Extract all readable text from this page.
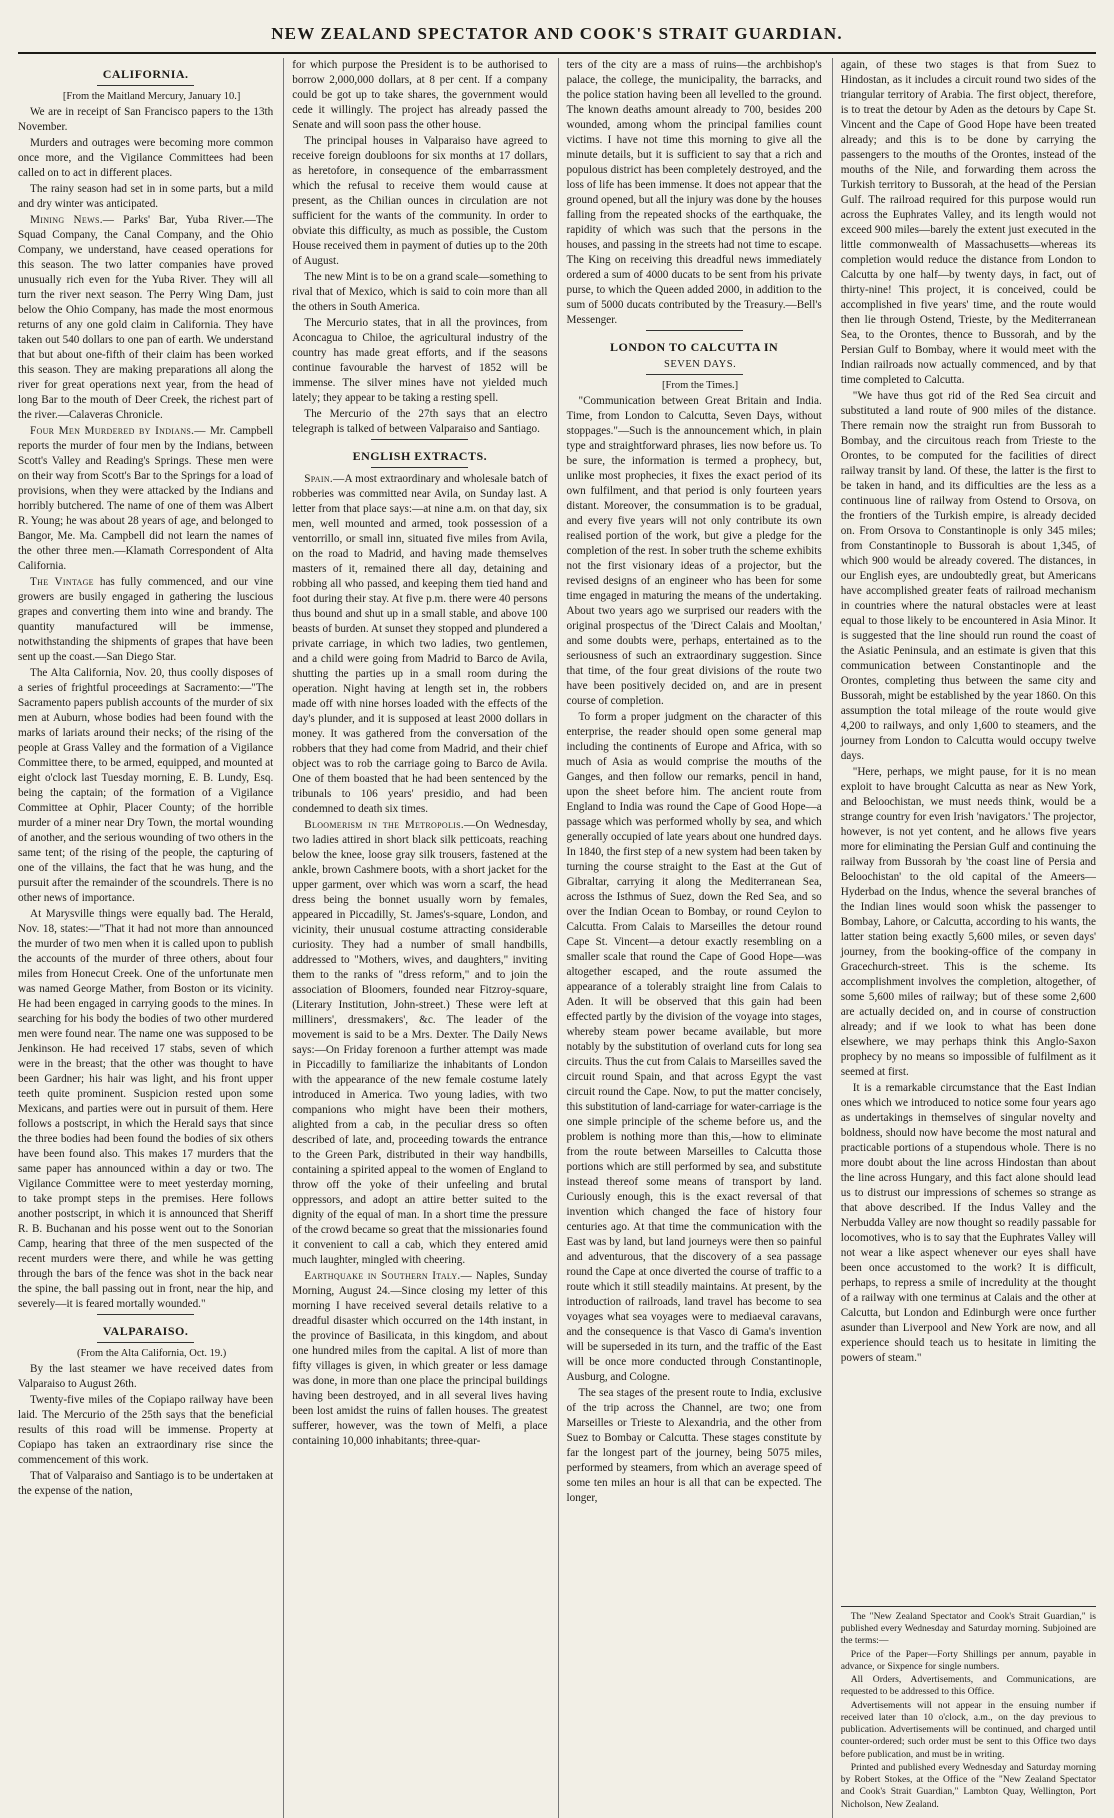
NEW ZEALAND SPECTATOR AND COOK'S STRAIT GUARDIAN.
CALIFORNIA.

[From the Maitland Mercury, January 10.]

We are in receipt of San Francisco papers to the 13th November.

Murders and outrages were becoming more common once more, and the Vigilance Committees had been called on to act in different places.

The rainy season had set in in some parts, but a mild and dry winter was anticipated.

Mining News.— Parks' Bar, Yuba River.—The Squad Company, the Canal Company, and the Ohio Company, we understand, have ceased operations for this season. The two latter companies have proved unusually rich even for the Yuba River. They will all turn the river next season. The Perry Wing Dam, just below the Ohio Company, has made the most enormous returns of any one gold claim in California. They have taken out 540 dollars to one pan of earth. We understand that but about one-fifth of their claim has been worked this season. They are making preparations all along the river for great operations next year, from the head of long Bar to the mouth of Deer Creek, the richest part of the river.—Calaveras Chronicle.

Four Men Murdered by Indians.— Mr. Campbell reports the murder of four men by the Indians, between Scott's Valley and Reading's Springs. These men were on their way from Scott's Bar to the Springs for a load of provisions, when they were attacked by the Indians and horribly butchered. The name of one of them was Albert R. Young; he was about 28 years of age, and belonged to Bangor, Me. Ma. Campbell did not learn the names of the other three men.—Klamath Correspondent of Alta California.

The Vintage has fully commenced, and our vine growers are busily engaged in gathering the luscious grapes and converting them into wine and brandy. The quantity manufactured will be immense, notwithstanding the shipments of grapes that have been sent up the coast.—San Diego Star.

The Alta California, Nov. 20, thus coolly disposes of a series of frightful proceedings at Sacramento:—"The Sacramento papers publish accounts of the murder of six men at Auburn, whose bodies had been found with the marks of lariats around their necks; of the rising of the people at Grass Valley and the formation of a Vigilance Committee there, to be armed, equipped, and mounted at eight o'clock last Tuesday morning, E. B. Lundy, Esq. being the captain; of the formation of a Vigilance Committee at Ophir, Placer County; of the horrible murder of a miner near Dry Town, the mortal wounding of another, and the serious wounding of two others in the same tent; of the rising of the people, the capturing of one of the villains, the fact that he was hung, and the pursuit after the remainder of the scoundrels. There is no other news of importance.

At Marysville things were equally bad. The Herald, Nov. 18, states:—"That it had not more than announced the murder of two men when it is called upon to publish the accounts of the murder of three others, about four miles from Honecut Creek. One of the unfortunate men was named George Mather, from Boston or its vicinity. He had been engaged in carrying goods to the mines. In searching for his body the bodies of two other murdered men were found near. The name one was supposed to be Jenkinson. He had received 17 stabs, seven of which were in the breast; that the other was thought to have been Gardner; his hair was light, and his front upper teeth quite prominent. Suspicion rested upon some Mexicans, and parties were out in pursuit of them. Here follows a postscript, in which the Herald says that since the three bodies had been found the bodies of six others have been found also. This makes 17 murders that the same paper has announced within a day or two. The Vigilance Committee were to meet yesterday morning, to take prompt steps in the premises. Here follows another postscript, in which it is announced that Sheriff R. B. Buchanan and his posse went out to the Sonorian Camp, hearing that three of the men suspected of the recent murders were there, and while he was getting through the bars of the fence was shot in the back near the spine, the ball passing out in front, near the hip, and severely—it is feared mortally wounded."

VALPARAISO.

(From the Alta California, Oct. 19.)

By the last steamer we have received dates from Valparaiso to August 26th.

Twenty-five miles of the Copiapo railway have been laid. The Mercurio of the 25th says that the beneficial results of this road will be immense. Property at Copiapo has taken an extraordinary rise since the commencement of this work.

That of Valparaiso and Santiago is to be undertaken at the expense of the nation,

for which purpose the President is to be authorised to borrow 2,000,000 dollars, at 8 per cent. If a company could be got up to take shares, the government would cede it willingly. The project has already passed the Senate and will soon pass the other house.

The principal houses in Valparaiso have agreed to receive foreign doubloons for six months at 17 dollars, as heretofore, in consequence of the embarrassment which the refusal to receive them would cause at present, as the Chilian ounces in circulation are not sufficient for the wants of the community. In order to obviate this difficulty, as much as possible, the Custom House received them in payment of duties up to the 20th of August.

The new Mint is to be on a grand scale—something to rival that of Mexico, which is said to coin more than all the others in South America.

The Mercurio states, that in all the provinces, from Aconcagua to Chiloe, the agricultural industry of the country has made great efforts, and if the seasons continue favourable the harvest of 1852 will be immense. The silver mines have not yielded much lately; they appear to be taking a resting spell.

The Mercurio of the 27th says that an electro telegraph is talked of between Valparaiso and Santiago.

ENGLISH EXTRACTS.

Spain.—A most extraordinary and wholesale batch of robberies was committed near Avila, on Sunday last. A letter from that place says:—at nine a.m. on that day, six men, well mounted and armed, took possession of a ventorrillo, or small inn, situated five miles from Avila, on the road to Madrid, and having made themselves masters of it, remained there all day, detaining and robbing all who passed, and keeping them tied hand and foot during their stay. At five p.m. there were 40 persons thus bound and shut up in a small stable, and above 100 beasts of burden. At sunset they stopped and plundered a private carriage, in which two ladies, two gentlemen, and a child were going from Madrid to Barco de Avila, shutting the parties up in a small room during the operation. Night having at length set in, the robbers made off with nine horses loaded with the effects of the day's plunder, and it is supposed at least 2000 dollars in money. It was gathered from the conversation of the robbers that they had come from Madrid, and their chief object was to rob the carriage going to Barco de Avila. One of them boasted that he had been sentenced by the tribunals to 106 years' presidio, and had been condemned to death six times.

Bloomerism in the Metropolis.—On Wednesday, two ladies attired in short black silk petticoats, reaching below the knee, loose gray silk trousers, fastened at the ankle, brown Cashmere boots, with a short jacket for the upper garment, over which was worn a scarf, the head dress being the bonnet usually worn by females, appeared in Piccadilly, St. James's-square, London, and vicinity, their unusual costume attracting considerable curiosity. They had a number of small handbills, addressed to "Mothers, wives, and daughters," inviting them to the ranks of "dress reform," and to join the association of Bloomers, founded near Fitzroy-square, (Literary Institution, John-street.) These were left at milliners', dressmakers', &c. The leader of the movement is said to be a Mrs. Dexter. The Daily News says:—On Friday forenoon a further attempt was made in Piccadilly to familiarize the inhabitants of London with the appearance of the new female costume lately introduced in America. Two young ladies, with two companions who might have been their mothers, alighted from a cab, in the peculiar dress so often described of late, and, proceeding towards the entrance to the Green Park, distributed in their way handbills, containing a spirited appeal to the women of England to throw off the yoke of their unfeeling and brutal oppressors, and adopt an attire better suited to the dignity of the equal of man. In a short time the pressure of the crowd became so great that the missionaries found it convenient to call a cab, which they entered amid much laughter, mingled with cheering.

Earthquake in Southern Italy.— Naples, Sunday Morning, August 24.—Since closing my letter of this morning I have received several details relative to a dreadful disaster which occurred on the 14th instant, in the province of Basilicata, in this kingdom, and about one hundred miles from the capital. A list of more than fifty villages is given, in which greater or less damage was done, in more than one place the principal buildings having been destroyed, and in all several lives having been lost amidst the ruins of fallen houses. The greatest sufferer, however, was the town of Melfi, a place containing 10,000 inhabitants; three-quar-

ters of the city are a mass of ruins—the archbishop's palace, the college, the municipality, the barracks, and the police station having been all levelled to the ground. The known deaths amount already to 700, besides 200 wounded, among whom the principal families count victims. I have not time this morning to give all the minute details, but it is sufficient to say that a rich and populous district has been completely destroyed, and the loss of life has been immense. It does not appear that the ground opened, but all the injury was done by the houses falling from the repeated shocks of the earthquake, the rapidity of which was such that the persons in the houses, and passing in the streets had not time to escape. The King on receiving this dreadful news immediately ordered a sum of 4000 ducats to be sent from his private purse, to which the Queen added 2000, in addition to the sum of 5000 ducats contributed by the Treasury.—Bell's Messenger.

LONDON TO CALCUTTA IN

SEVEN DAYS.

[From the Times.]

"Communication between Great Britain and India. Time, from London to Calcutta, Seven Days, without stoppages."—Such is the announcement which, in plain type and straightforward phrases, lies now before us. To be sure, the information is termed a prophecy, but, unlike most prophecies, it fixes the exact period of its own fulfilment, and that period is only fourteen years distant. Moreover, the consummation is to be gradual, and every five years will not only contribute its own realised portion of the work, but give a pledge for the completion of the rest. In sober truth the scheme exhibits not the first visionary ideas of a projector, but the revised designs of an engineer who has been for some time engaged in maturing the means of the undertaking. About two years ago we surprised our readers with the original prospectus of the 'Direct Calais and Mooltan,' and some doubts were, perhaps, entertained as to the seriousness of such an extraordinary suggestion. Since that time, of the four great divisions of the route two have been positively decided on, and are in present course of completion.

To form a proper judgment on the character of this enterprise, the reader should open some general map including the continents of Europe and Africa, with so much of Asia as would comprise the mouths of the Ganges, and then follow our remarks, pencil in hand, upon the sheet before him. The ancient route from England to India was round the Cape of Good Hope—a passage which was performed wholly by sea, and which generally occupied of late years about one hundred days. In 1840, the first step of a new system had been taken by turning the course straight to the East at the Gut of Gibraltar, carrying it along the Mediterranean Sea, across the Isthmus of Suez, down the Red Sea, and so over the Indian Ocean to Bombay, or round Ceylon to Calcutta. From Calais to Marseilles the detour round Cape St. Vincent—a detour exactly resembling on a smaller scale that round the Cape of Good Hope—was altogether escaped, and the route assumed the appearance of a tolerably straight line from Calais to Aden. It will be observed that this gain had been effected partly by the division of the voyage into stages, whereby steam power became available, but more notably by the substitution of overland cuts for long sea circuits. Thus the cut from Calais to Marseilles saved the circuit round Spain, and that across Egypt the vast circuit round the Cape. Now, to put the matter concisely, this substitution of land-carriage for water-carriage is the one simple principle of the scheme before us, and the problem is nothing more than this,—how to eliminate from the route between Marseilles to Calcutta those portions which are still performed by sea, and substitute instead thereof some means of transport by land. Curiously enough, this is the exact reversal of that invention which changed the face of history four centuries ago. At that time the communication with the East was by land, but land journeys were then so painful and adventurous, that the discovery of a sea passage round the Cape at once diverted the course of traffic to a route which it still steadily maintains. At present, by the introduction of railroads, land travel has become to sea voyages what sea voyages were to mediaeval caravans, and the consequence is that Vasco di Gama's invention will be superseded in its turn, and the traffic of the East will be once more conducted through Constantinople, Ausburg, and Cologne.

The sea stages of the present route to India, exclusive of the trip across the Channel, are two; one from Marseilles or Trieste to Alexandria, and the other from Suez to Bombay or Calcutta. These stages constitute by far the longest part of the journey, being 5075 miles, performed by steamers, from which an average speed of some ten miles an hour is all that can be expected. The longer,

again, of these two stages is that from Suez to Hindostan, as it includes a circuit round two sides of the triangular territory of Arabia. The first object, therefore, is to treat the detour by Aden as the detours by Cape St. Vincent and the Cape of Good Hope have been treated already; and this is to be done by carrying the passengers to the mouths of the Orontes, instead of the mouths of the Nile, and forwarding them across the Turkish territory to Bussorah, at the head of the Persian Gulf. The railroad required for this purpose would run across the Euphrates Valley, and its length would not exceed 900 miles—barely the extent just executed in the little commonwealth of Massachusetts—whereas its completion would reduce the distance from London to Calcutta by one half—by twenty days, in fact, out of thirty-nine! This project, it is conceived, could be accomplished in five years' time, and the route would then lie through Ostend, Trieste, by the Mediterranean Sea, to the Orontes, thence to Bussorah, and by the Persian Gulf to Bombay, where it would meet with the Indian railroads now actually commenced, and by that time completed to Calcutta.

"We have thus got rid of the Red Sea circuit and substituted a land route of 900 miles of the distance. There remain now the straight run from Bussorah to Bombay, and the circuitous reach from Trieste to the Orontes, to be computed for the facilities of direct railway transit by land. Of these, the latter is the first to be taken in hand, and its difficulties are the less as a continuous line of railway from Ostend to Orsova, on the frontiers of the Turkish empire, is already decided on. From Orsova to Constantinople is only 345 miles; from Constantinople to Bussorah is about 1,345, of which 900 would be already covered. The distances, in our English eyes, are undoubtedly great, but Americans have accomplished greater feats of railroad mechanism in countries where the natural obstacles were at least equal to those likely to be encountered in Asia Minor. It is suggested that the line should run round the coast of the Asiatic Peninsula, and an estimate is given that this communication between Constantinople and the Orontes, completing thus between the same city and Bussorah, might be established by the year 1860. On this assumption the total mileage of the route would give 4,200 to railways, and only 1,600 to steamers, and the journey from London to Calcutta would occupy twelve days.

"Here, perhaps, we might pause, for it is no mean exploit to have brought Calcutta as near as New York, and Beloochistan, we must needs think, would be a strange country for even Irish 'navigators.' The projector, however, is not yet content, and he allows five years more for eliminating the Persian Gulf and continuing the railway from Bussorah by 'the coast line of Persia and Beloochistan' to the old capital of the Ameers—Hyderbad on the Indus, whence the several branches of the Indian lines would soon whisk the passenger to Bombay, Lahore, or Calcutta, according to his wants, the latter station being exactly 5,600 miles, or seven days' journey, from the booking-office of the company in Gracechurch-street. This is the scheme. Its accomplishment involves the completion, altogether, of some 5,600 miles of railway; but of these some 2,600 are actually decided on, and in course of construction already; and if we look to what has been done elsewhere, we may perhaps think this Anglo-Saxon prophecy by no means so impossible of fulfilment as it seemed at first.

It is a remarkable circumstance that the East Indian ones which we introduced to notice some four years ago as undertakings in themselves of singular novelty and boldness, should now have become the most natural and practicable portions of a stupendous whole. There is no more doubt about the line across Hindostan than about the line across Hungary, and this fact alone should lead us to distrust our impressions of schemes so strange as that above described. If the Indus Valley and the Nerbudda Valley are now thought so readily passable for locomotives, who is to say that the Euphrates Valley will not wear a like aspect whenever our eyes shall have been once accustomed to the work? It is difficult, perhaps, to repress a smile of incredulity at the thought of a railway with one terminus at Calais and the other at Calcutta, but London and Edinburgh were once further asunder than Liverpool and New York are now, and all experience should teach us to hesitate in limiting the powers of steam."

The "New Zealand Spectator and Cook's Strait Guardian," is published every Wednesday and Saturday morning. Subjoined are the terms:—

Price of the Paper—Forty Shillings per annum, payable in advance, or Sixpence for single numbers.

All Orders, Advertisements, and Communications, are requested to be addressed to this Office.

Advertisements will not appear in the ensuing number if received later than 10 o'clock, a.m., on the day previous to publication. Advertisements will be continued, and charged until counter-ordered; such order must be sent to this Office two days before publication, and must be in writing.

Printed and published every Wednesday and Saturday morning by Robert Stokes, at the Office of the "New Zealand Spectator and Cook's Strait Guardian," Lambton Quay, Wellington, Port Nicholson, New Zealand.
